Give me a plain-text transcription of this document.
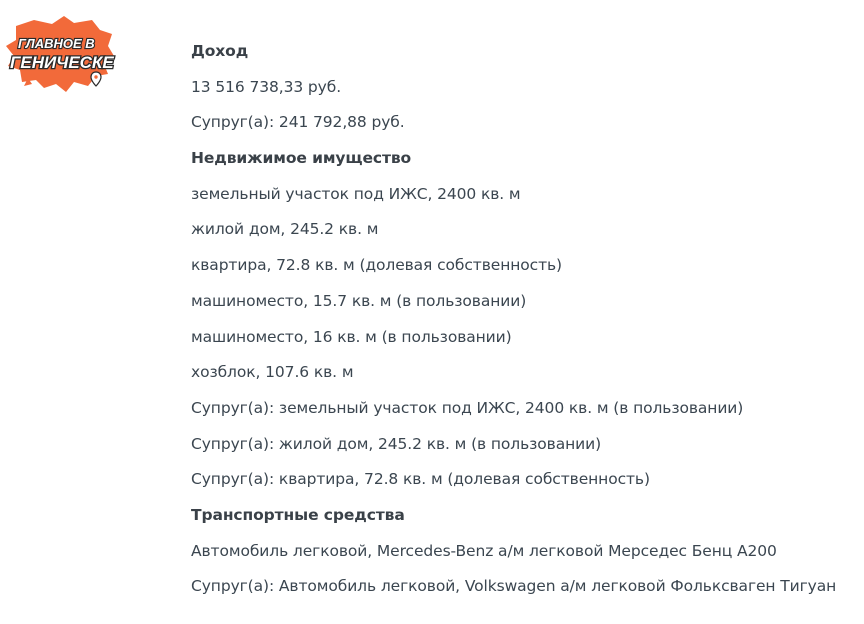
ГЛАВНОЕ В
ГЕНИЧЕСКЕ
Доход
13 516 738,33 руб.
Супруг(а): 241 792,88 руб.
Недвижимое имущество
земельный участок под ИЖС, 2400 кв. м
жилой дом, 245.2 кв. м
квартира, 72.8 кв. м (долевая собственность)
машиноместо, 15.7 кв. м (в пользовании)
машиноместо, 16 кв. м (в пользовании)
хозблок, 107.6 кв. м
Супруг(а): земельный участок под ИЖС, 2400 кв. м (в пользовании)
Супруг(а): жилой дом, 245.2 кв. м (в пользовании)
Супруг(а): квартира, 72.8 кв. м (долевая собственность)
Транспортные средства
Автомобиль легковой, Mercedes-Benz а/м легковой Мерседес Бенц А200
Супруг(а): Автомобиль легковой, Volkswagen а/м легковой Фольксваген Тигуан
